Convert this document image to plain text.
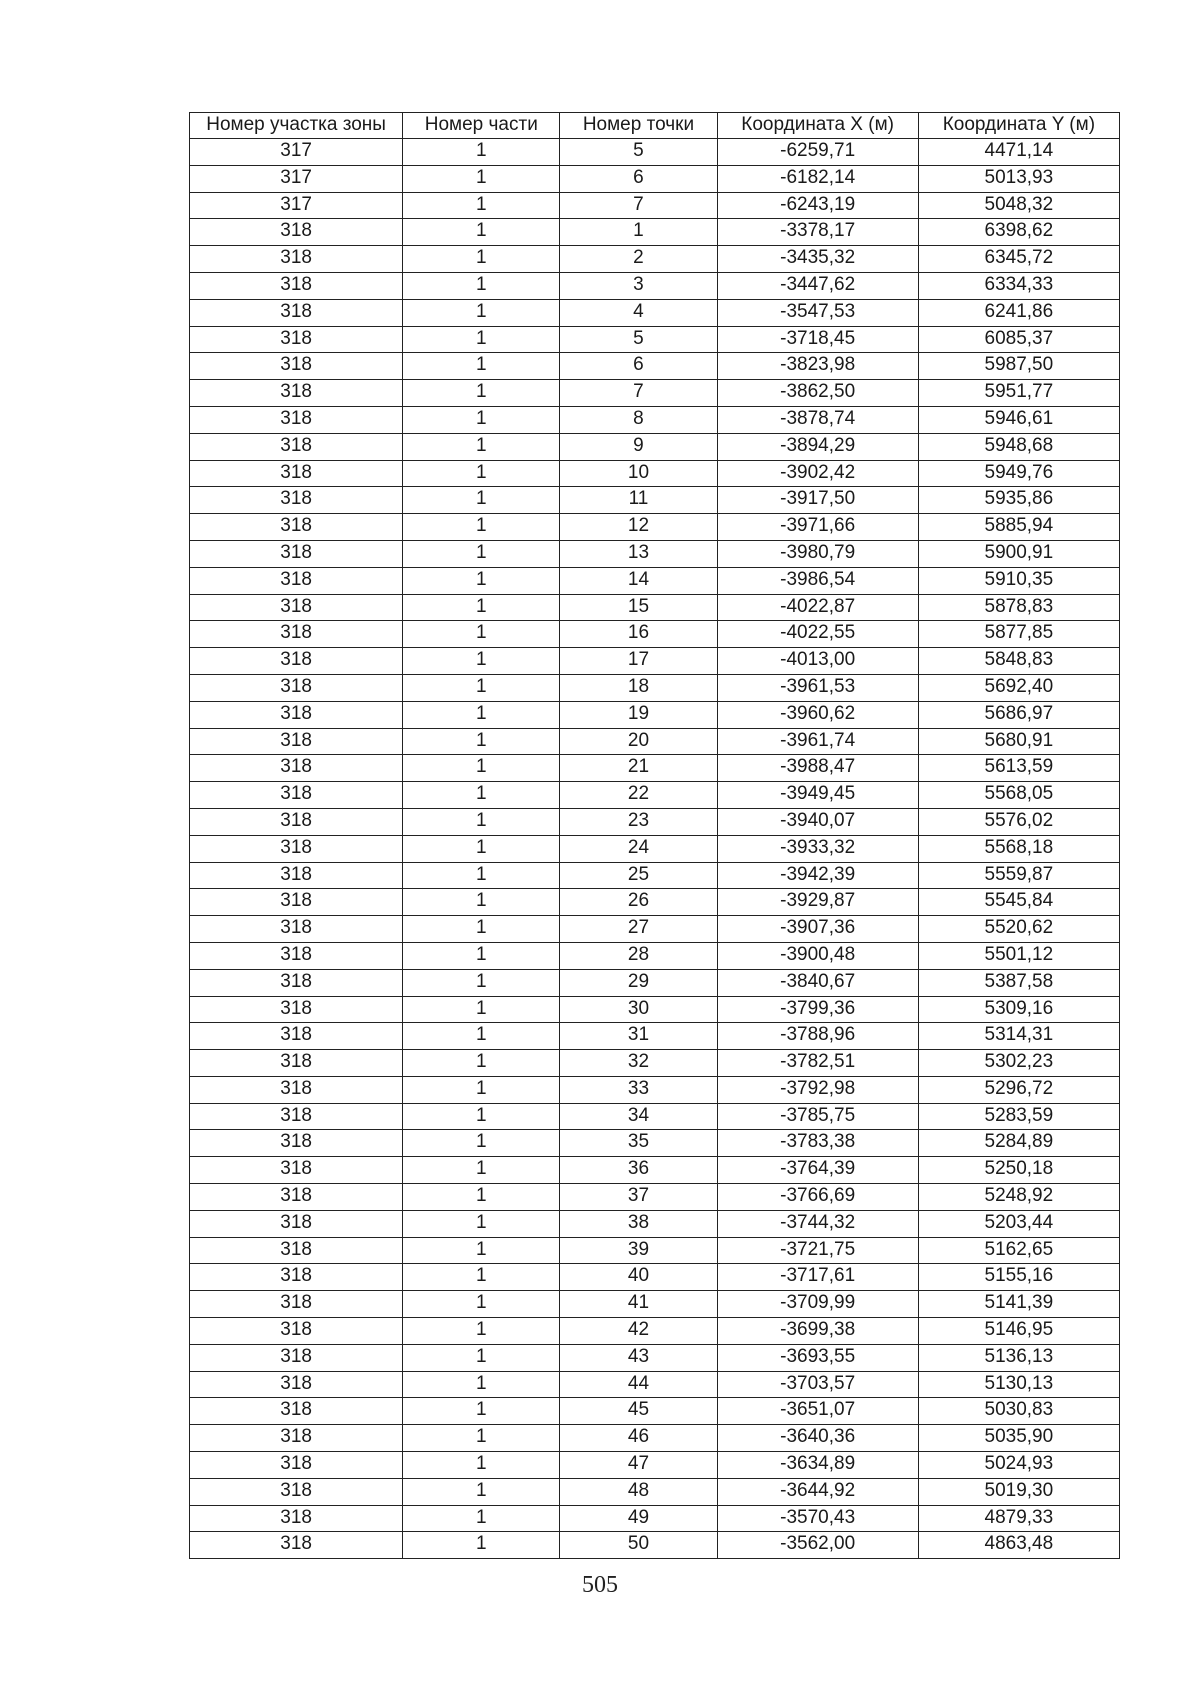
Номер участка зоны	Номер части	Номер точки	Координата X (м)	Координата Y (м)
317	1	5	-6259,71	4471,14
317	1	6	-6182,14	5013,93
317	1	7	-6243,19	5048,32
318	1	1	-3378,17	6398,62
318	1	2	-3435,32	6345,72
318	1	3	-3447,62	6334,33
318	1	4	-3547,53	6241,86
318	1	5	-3718,45	6085,37
318	1	6	-3823,98	5987,50
318	1	7	-3862,50	5951,77
318	1	8	-3878,74	5946,61
318	1	9	-3894,29	5948,68
318	1	10	-3902,42	5949,76
318	1	11	-3917,50	5935,86
318	1	12	-3971,66	5885,94
318	1	13	-3980,79	5900,91
318	1	14	-3986,54	5910,35
318	1	15	-4022,87	5878,83
318	1	16	-4022,55	5877,85
318	1	17	-4013,00	5848,83
318	1	18	-3961,53	5692,40
318	1	19	-3960,62	5686,97
318	1	20	-3961,74	5680,91
318	1	21	-3988,47	5613,59
318	1	22	-3949,45	5568,05
318	1	23	-3940,07	5576,02
318	1	24	-3933,32	5568,18
318	1	25	-3942,39	5559,87
318	1	26	-3929,87	5545,84
318	1	27	-3907,36	5520,62
318	1	28	-3900,48	5501,12
318	1	29	-3840,67	5387,58
318	1	30	-3799,36	5309,16
318	1	31	-3788,96	5314,31
318	1	32	-3782,51	5302,23
318	1	33	-3792,98	5296,72
318	1	34	-3785,75	5283,59
318	1	35	-3783,38	5284,89
318	1	36	-3764,39	5250,18
318	1	37	-3766,69	5248,92
318	1	38	-3744,32	5203,44
318	1	39	-3721,75	5162,65
318	1	40	-3717,61	5155,16
318	1	41	-3709,99	5141,39
318	1	42	-3699,38	5146,95
318	1	43	-3693,55	5136,13
318	1	44	-3703,57	5130,13
318	1	45	-3651,07	5030,83
318	1	46	-3640,36	5035,90
318	1	47	-3634,89	5024,93
318	1	48	-3644,92	5019,30
318	1	49	-3570,43	4879,33
318	1	50	-3562,00	4863,48
505
